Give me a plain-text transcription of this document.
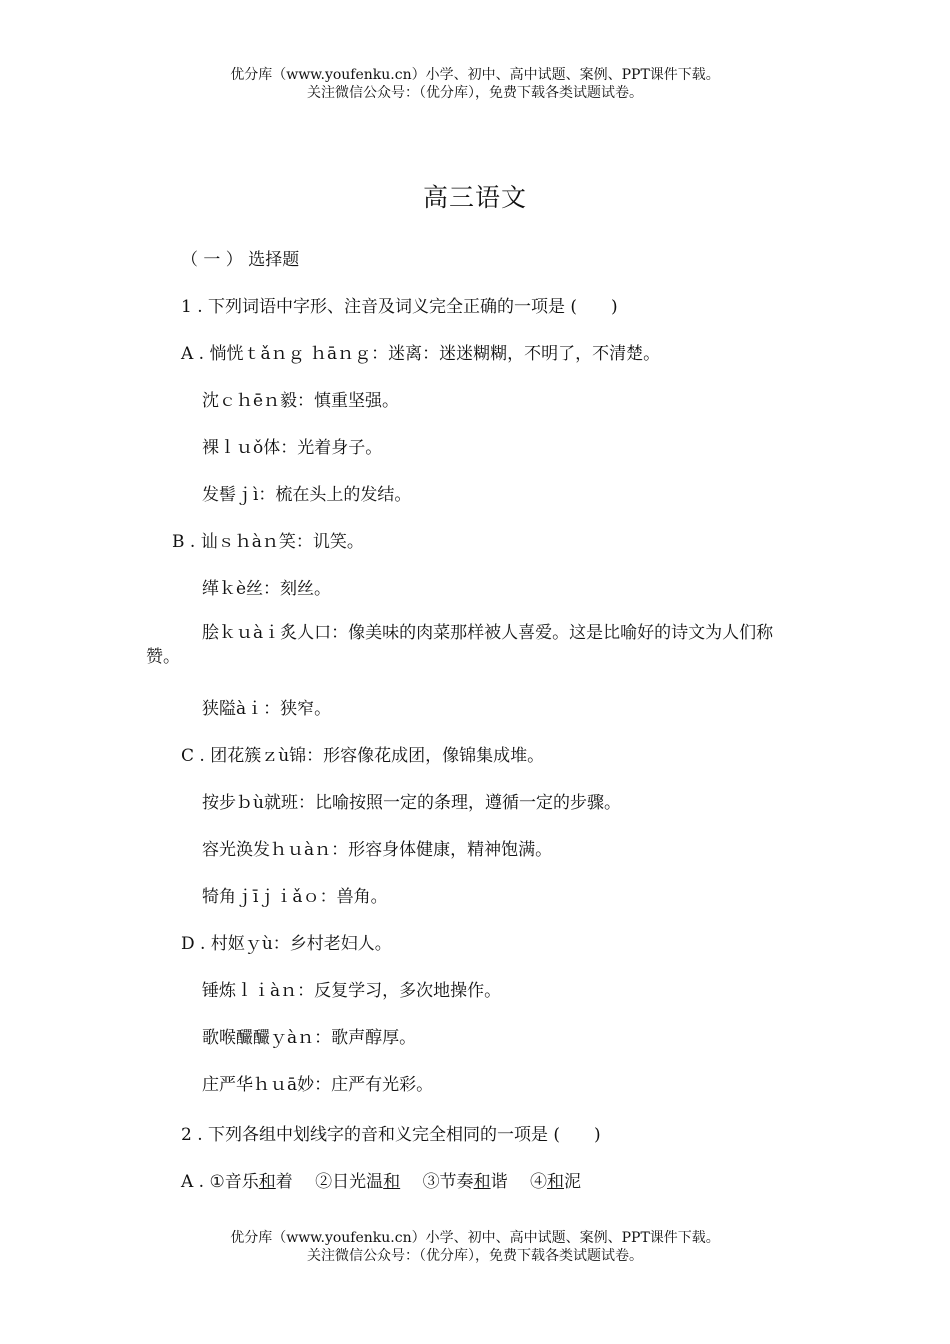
优分库（www.youfenku.cn）小学、初中、高中试题、案例、PPT课件下载。
关注微信公众号：（优分库），免费下载各类试题试卷。
高三语文
（ 一 ） 选择题
1 . 下列词语中字形、注音及词义完全正确的一项是 (　　)
A . 惝恍ｔǎｎｇ ｈāｎｇ：迷离：迷迷糊糊，不明了，不清楚。
沈ｃｈēｎ毅：慎重坚强。
裸ｌｕǒ体：光着身子。
发髻ｊì：梳在头上的发结。
B . 讪ｓｈàｎ笑：讥笑。
缂ｋè丝：刻丝。
脍ｋｕàｉ炙人口：像美味的肉菜那样被人喜爱。这是比喻好的诗文为人们称赞。
狭隘àｉ：狭窄。
C . 团花簇ｚù锦：形容像花成团，像锦集成堆。
按步ｂù就班：比喻按照一定的条理，遵循一定的步骤。
容光涣发ｈｕàｎ：形容身体健康，精神饱满。
犄角ｊīｊｉǎｏ：兽角。
D . 村妪ｙù：乡村老妇人。
锤炼ｌｉàｎ：反复学习，多次地操作。
歌喉釅釅ｙàｎ：歌声醇厚。
庄严华ｈｕā妙：庄严有光彩。
2 . 下列各组中划线字的音和义完全相同的一项是 (　　)
A . ①音乐和着 　 ②日光温和 　 ③节奏和谐 　 ④和泥
优分库（www.youfenku.cn）小学、初中、高中试题、案例、PPT课件下载。
关注微信公众号：（优分库），免费下载各类试题试卷。
